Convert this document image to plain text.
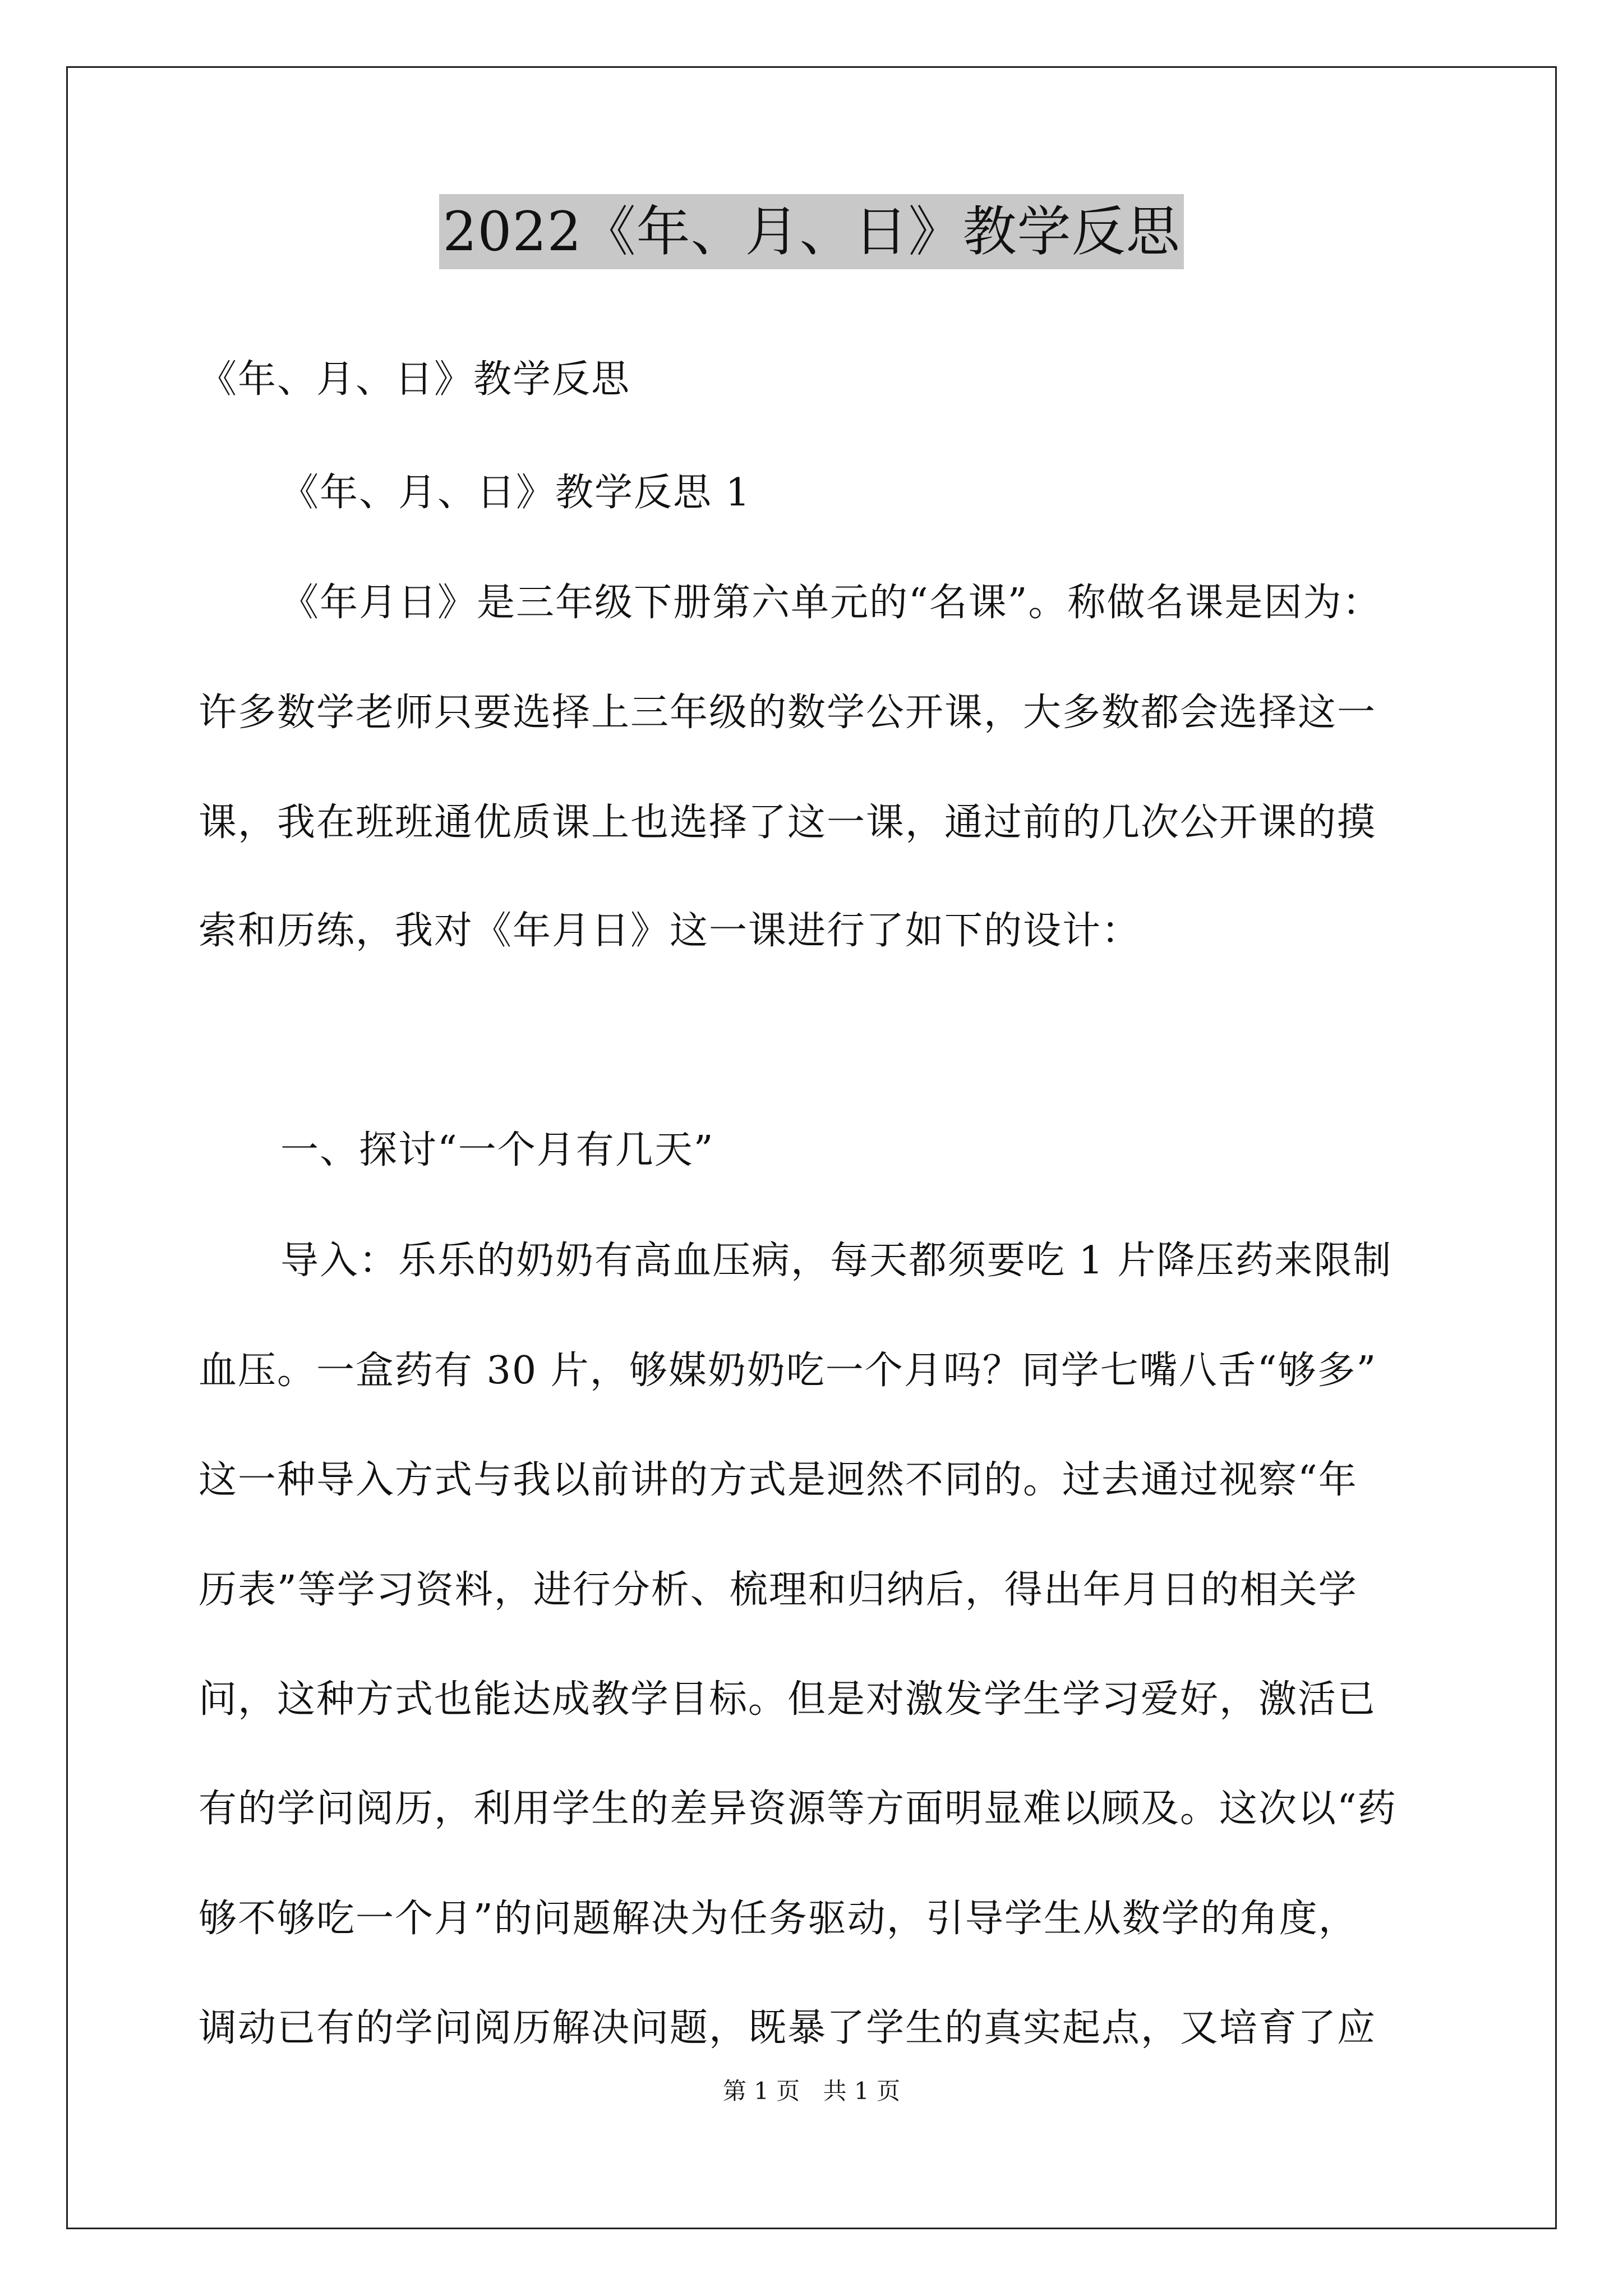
2022《年、月、日》教学反思
《年、月、日》教学反思
《年、月、日》教学反思 1
《年月日》是三年级下册第六单元的“名课”。称做名课是因为：
许多数学老师只要选择上三年级的数学公开课，大多数都会选择这一
课，我在班班通优质课上也选择了这一课，通过前的几次公开课的摸
索和历练，我对《年月日》这一课进行了如下的设计：
一、探讨“一个月有几天”
导入：乐乐的奶奶有高血压病，每天都须要吃 1 片降压药来限制
血压。一盒药有 30 片，够媒奶奶吃一个月吗？同学七嘴八舌“够多”
这一种导入方式与我以前讲的方式是迥然不同的。过去通过视察“年
历表”等学习资料，进行分析、梳理和归纳后，得出年月日的相关学
问，这种方式也能达成教学目标。但是对激发学生学习爱好，激活已
有的学问阅历，利用学生的差异资源等方面明显难以顾及。这次以“药
够不够吃一个月”的问题解决为任务驱动，引导学生从数学的角度，
调动已有的学问阅历解决问题，既暴了学生的真实起点，又培育了应
第 1 页 共 1 页
